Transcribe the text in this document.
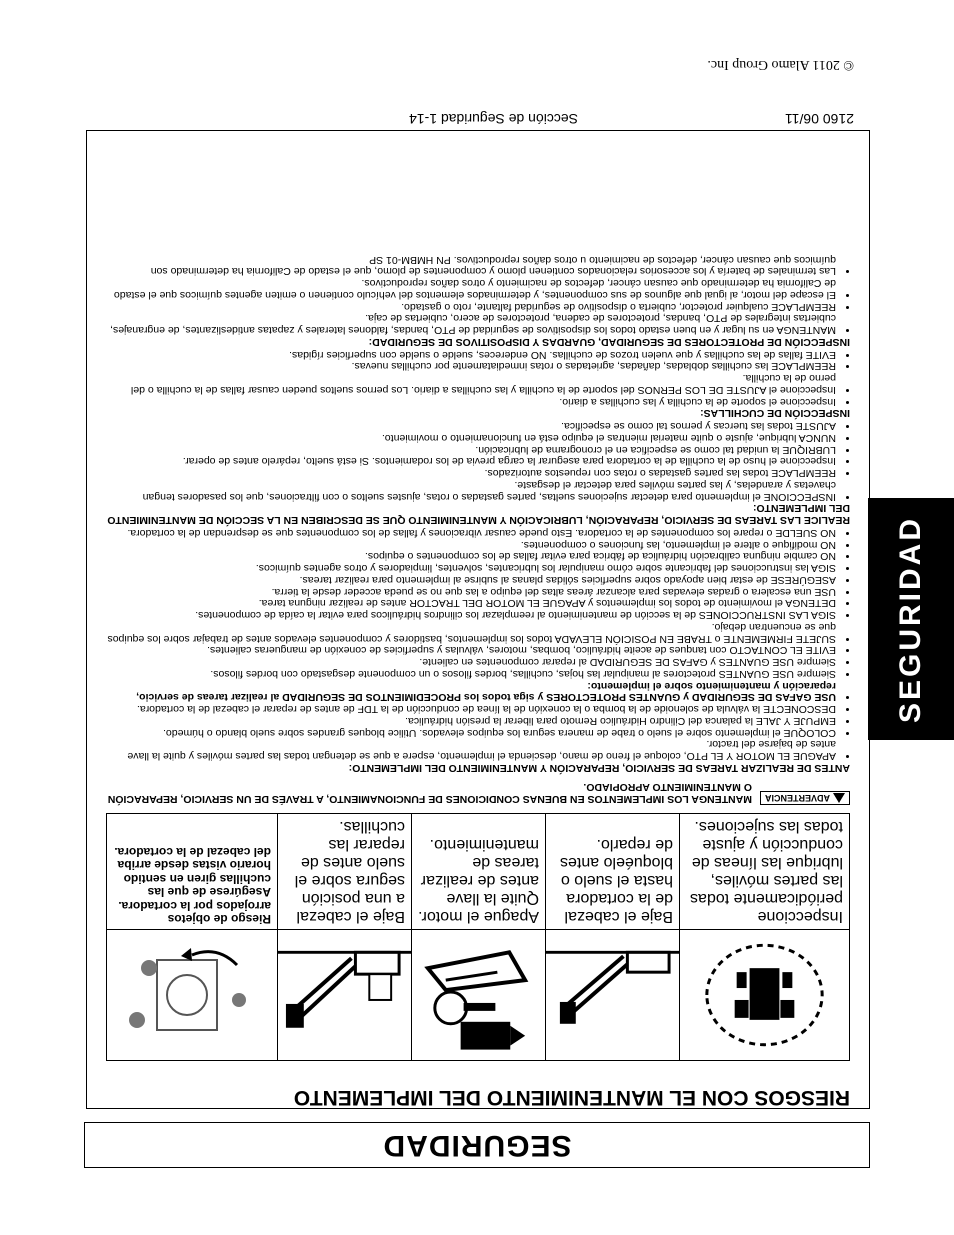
© 2011 Alamo Group Inc.
SEGURIDAD
2160 06/11
Sección de Seguridad 1-14
RIESGOS CON EL MANTENIMIENTO DEL IMPLEMENTO
Inspeccione periódicamente todas las partes móviles, lubrique las líneas de conducción y ajuste todas las sujeciones.
Baje el cabezal de la cortadora hasta el suelo o bloquéelo antes de reparlo.
Apague el motor. Quite la llave antes de realizar tareas de mantenimiento.
Baje el cabezal a una posición segura sobre el suelo antes de reparar las cuchillas.
Riesgo de objetos arrojados por la cortadora. Asegúrese de que las cuchillas giren en sentido horario vistas desde arriba del cabezal de la cortadora.
ADVERTENCIA
MANTENGA LOS IMPLEMENTOS EN BUENAS CONDICIONES DE FUNCIONAMIENTO, A TRAVÉS DE UN SERVICIO, REPARACIÓN O MANTENIMIENTO APROPIADO.
ANTES DE REALIZAR TAREAS DE SERVICIO, REPARACIÓN Y MANTENIMIENTO DEL IMPLEMENTO:
• APAGUE EL MOTOR Y EL PTO, coloque el freno de mano, descienda el implemento, espere a que se detengan todas las partes móviles y quite la llave antes de bajarse del tractor.
• COLOQUE el implemento sobre el suelo o trabe de manera segura los equipos elevados. Utilice bloques grandes sobre suelo blando o húmedo.
• EMPUJE Y JALE la palanca del Cilindro Hidráulico Remoto para liberar la presión hidráulica.
• DESCONECTE la válvula de solenoide de la bomba o la conexión de la línea de conducción de la TDF de antes de reparar el cabezal de la cortadora.
• USE GAFAS DE SEGURIDAD y GUANTES PROTECTORES y siga todos los PROCEDIMIENTOS DE SEGURIDAD al realizar tareas de servicio, reparación y mantenimiento sobre el implemento:
• Siempre USE GUANTES protectores al manipular las hojas, cuchillas, bordes filosos o un componente desgastado con bordes filosos.
• Siempre USE GUANTES y GAFAS DE SEGURIDAD al reparar componentes en caliente.
• EVITE EL CONTACTO con tanques de aceite hidráulico, bombas, motores, válvulas y superficies de conexión de mangueras calientes.
• SUJETE FIRMEMENTE o TRABE EN POSICIÓN ELEVADA todos los implementos, bastidores y componentes elevados antes de trabajar sobre los equipos que se encuentran debajo.
• SIGA LAS INSTRUCCIONES de la sección de mantenimiento al reemplazar los cilindros hidráulicos para evitar la caída de componentes.
• DETENGA el movimiento de todos los implementos y APAGUE EL MOTOR DEL TRACTOR antes de realizar ninguna tarea.
• USE una escalera o gradas elevadas para alcanzar áreas altas del equipo a las que no se pueda acceder desde la tierra.
• ASEGÚRESE de estar bien apoyado sobre superficies sólidas planas al subirse al implemento para realizar tareas.
• SIGA las instrucciones del fabricante sobre cómo manipular los lubricantes, solventes, limpiadores y otros agentes químicos.
• NO cambie ninguna calibración hidráulica de fábrica para evitar fallas de los componentes o equipos.
• NO modifique o altere el implemento, las funciones o componentes.
• NO SUELDE o repare los componentes de la cortadora. Esto puede causar vibraciones y fallas de los componentes que se desprendan de la cortadora.
REALICE LAS TAREAS DE SERVICIO, REPARACIÓN, LUBRICACIÓN Y MANTENIMIENTO QUE SE DESCRIBEN EN LA SECCIÓN DE MANTENIMIENTO DEL IMPLEMENTO:
• INSPECCIONE el implemento para detectar sujeciones sueltas, partes gastadas o rotas, ajustes sueltos o con filtraciones, que los pasadores tengan chavetas y arandelas, y las partes móviles para detectar el desgaste.
• REEMPLACE todas las partes gastadas o rotas con repuestos autorizados.
• Inspeccione el huso de la cuchilla de la cortadora para asegurar la carga previa de los rodamientos. Si está suelto, repárelo antes de operar.
• LUBRIQUE la unidad tal como se especifica en el cronograma de lubricación.
• NUNCA lubrique, ajuste o quite material mientras el equipo está en funcionamiento o movimiento.
• AJUSTE todas las tuercas y pernos tal como se especifica.
INSPECCIÓN DE CUCHILLAS:
• Inspeccione el soporte de la cuchilla y las cuchillas a diario.
• Inspeccione el AJUSTE DE LOS PERNOS del soporte de la cuchilla y las cuchillas a diario. Los pernos sueltos pueden causar fallas de la cuchilla o del perno de la cuchilla.
• REEMPLACE las cuchillas dobladas, dañadas, agrietadas o rotas inmediatamente por cuchillas nuevas.
• EVITE fallas de las cuchillas y que vuelen trozos de cuchillas. NO endereces, suelde o suelde con superficies rígidas.
INSPECCIÓN DE PROTECTORES DE SEGURIDAD, GUARDAS Y DISPOSITIVOS DE SEGURIDAD:
• MANTENGA en su lugar y en buen estado todos los dispositivos de seguridad de PTO, bandas, faldones laterales y zapatas antideslizantes, de engranajes, cubiertas integrales de PTO, bandas, protectores de cadena, protectores de acero, cubiertas de caja.
• REEMPLACE cualquier protector, cubierta o dispositivo de seguridad faltante, roto o gastado.
• El escape del motor, al igual que algunos de sus componentes, y determinados elementos del vehículo contienen o emiten agentes químicos que el estado de California ha determinado que causan cáncer, defectos de nacimiento y otros daños reproductivos.
• Las terminales de batería y los accesorios relacionados contienen plomo y componentes de plomo, que el estado de California ha determinado son químicos que causan cáncer, defectos de nacimiento u otros daños reproductivos. PN HMBM-01 SP
SEGURIDAD
